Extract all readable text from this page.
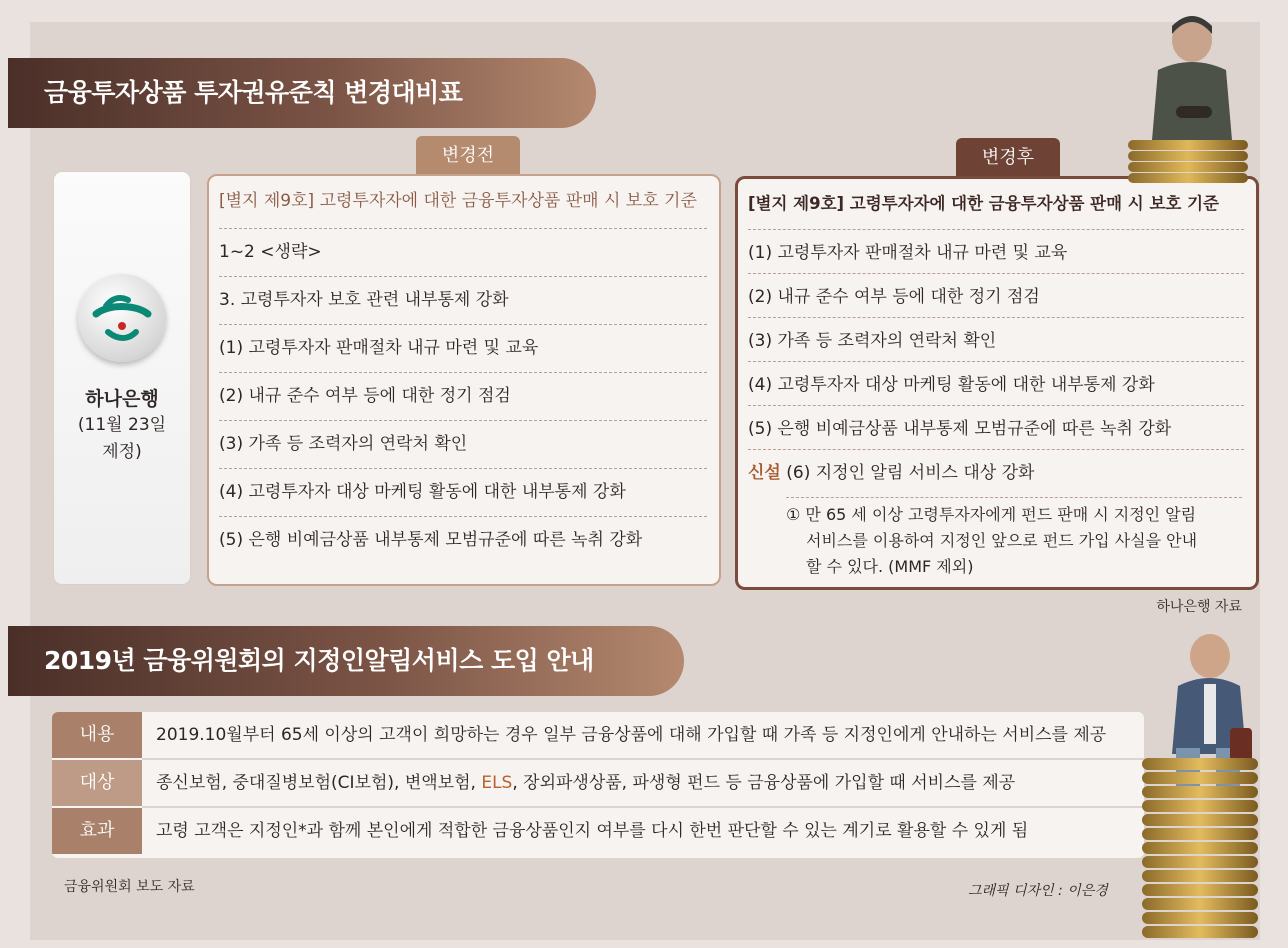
금융투자상품 투자권유준칙 변경대비표
변경전	변경후
하나은행
(11월 23일
제정)
[별지 제9호] 고령투자자에 대한 금융투자상품 판매 시 보호 기준
1~2 <생략>
3. 고령투자자 보호 관련 내부통제 강화
(1) 고령투자자 판매절차 내규 마련 및 교육
(2) 내규 준수 여부 등에 대한 정기 점검
(3) 가족 등 조력자의 연락처 확인
(4) 고령투자자 대상 마케팅 활동에 대한 내부통제 강화
(5) 은행 비예금상품 내부통제 모범규준에 따른 녹취 강화
[별지 제9호] 고령투자자에 대한 금융투자상품 판매 시 보호 기준
(1) 고령투자자 판매절차 내규 마련 및 교육
(2) 내규 준수 여부 등에 대한 정기 점검
(3) 가족 등 조력자의 연락처 확인
(4) 고령투자자 대상 마케팅 활동에 대한 내부통제 강화
(5) 은행 비예금상품 내부통제 모범규준에 따른 녹취 강화
신설 (6) 지정인 알림 서비스 대상 강화
① 만 65 세 이상 고령투자자에게 펀드 판매 시 지정인 알림
서비스를 이용하여 지정인 앞으로 펀드 가입 사실을 안내
할 수 있다. (MMF 제외)
하나은행 자료
2019년 금융위원회의 지정인알림서비스 도입 안내
내용	2019.10월부터 65세 이상의 고객이 희망하는 경우 일부 금융상품에 대해 가입할 때 가족 등 지정인에게 안내하는 서비스를 제공
대상	종신보험, 중대질병보험(CI보험), 변액보험, ELS, 장외파생상품, 파생형 펀드 등 금융상품에 가입할 때 서비스를 제공
효과	고령 고객은 지정인*과 함께 본인에게 적합한 금융상품인지 여부를 다시 한번 판단할 수 있는 계기로 활용할 수 있게 됨
금융위원회 보도 자료	그래픽 디자인 : 이은경
